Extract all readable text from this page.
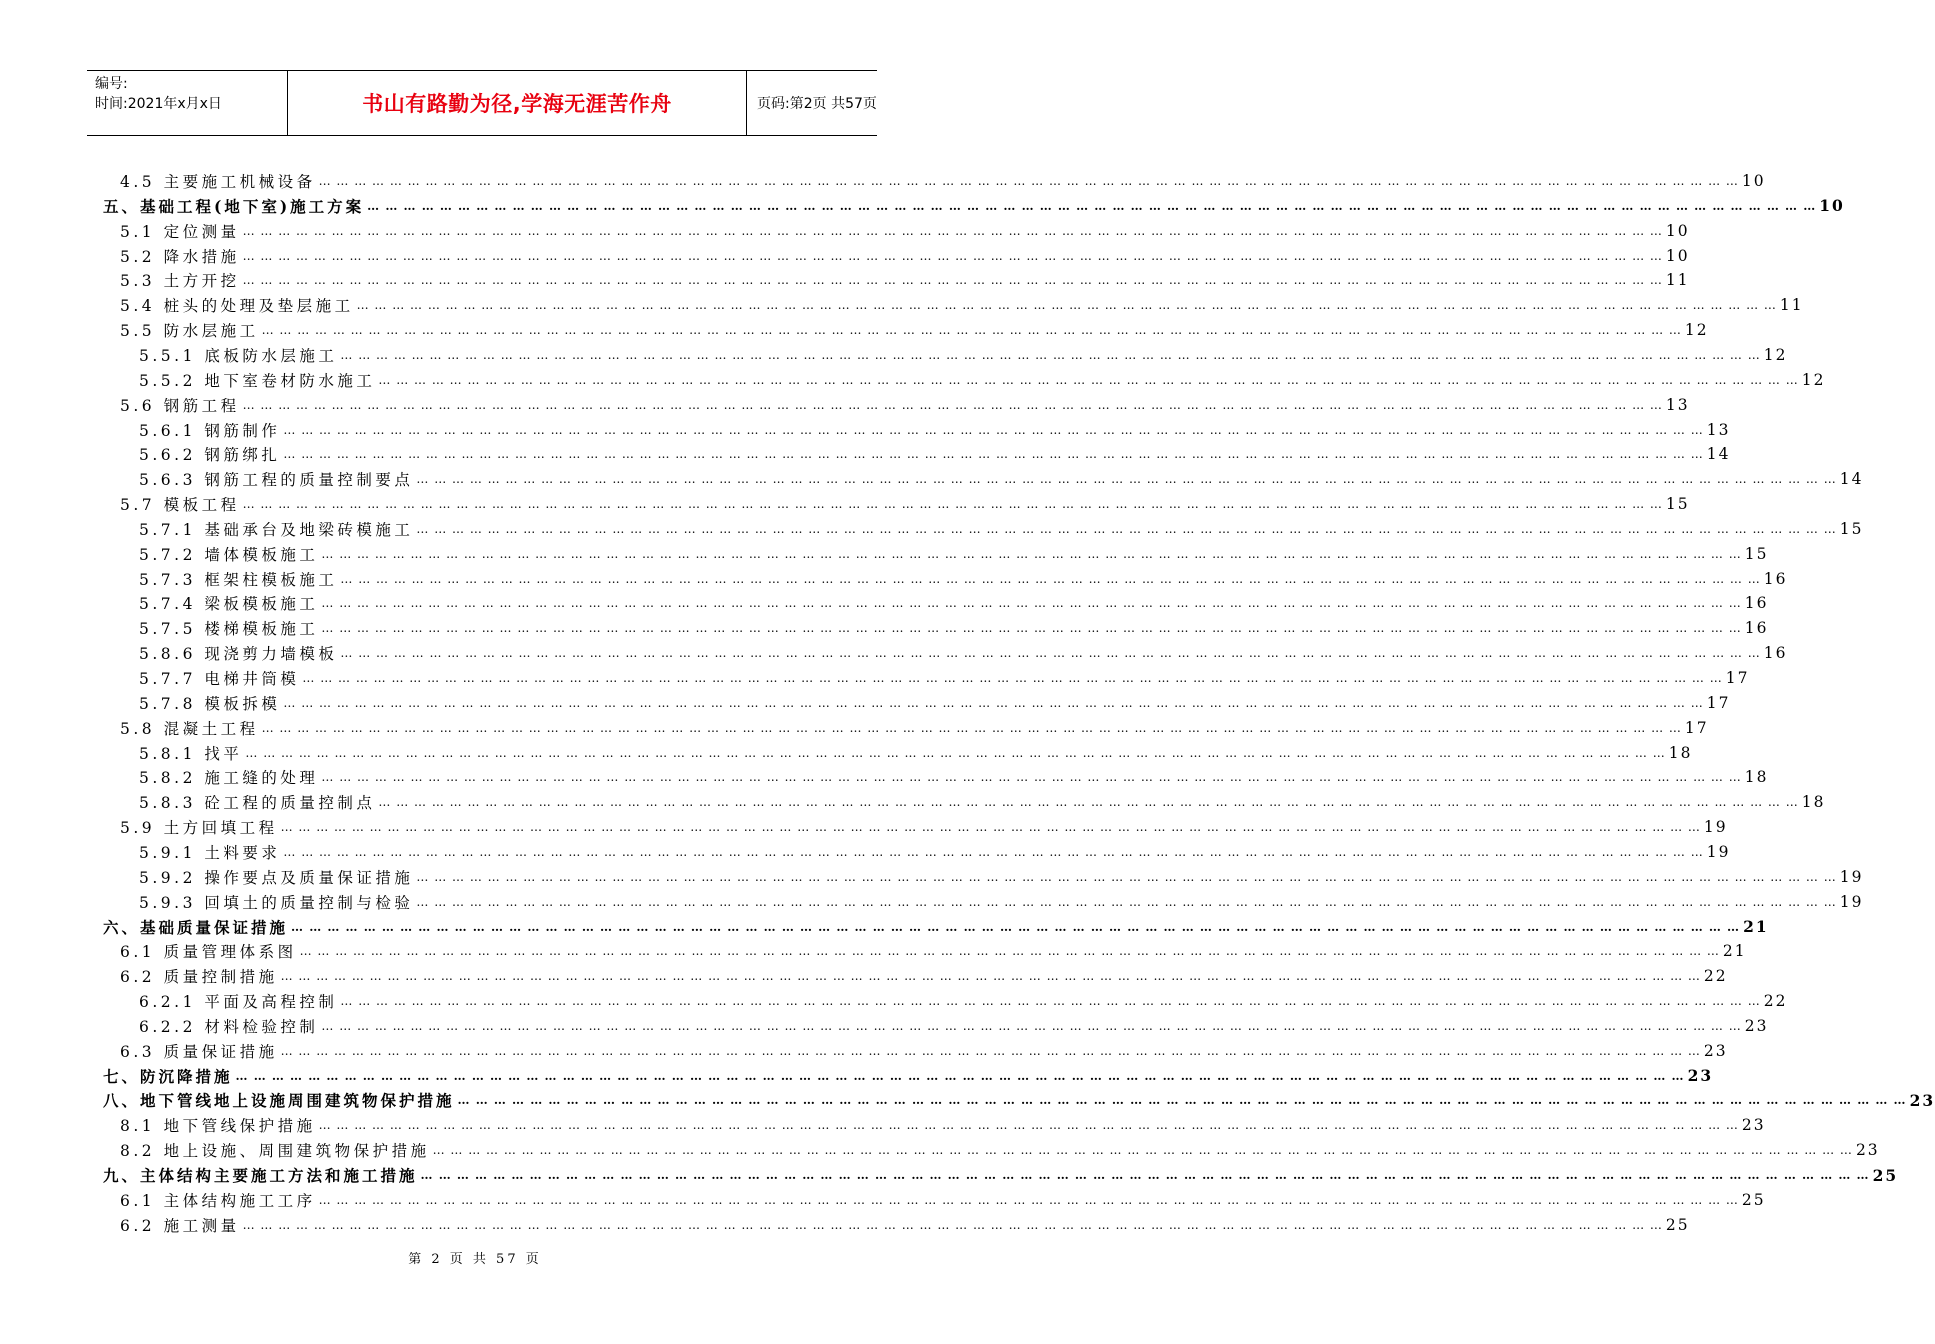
编号:
时间:2021年x月x日	书山有路勤为径,学海无涯苦作舟	页码:第2页 共57页
4.5 主要施工机械设备 … … … … … … … … … … … … … … … … … … … … … … … … … … … … … … … … … … … … … … … … … … … … … … … … … … … … … … … … … … … … … … … … … … … … … … … … … … … … … … … … 10
五、基础工程(地下室)施工方案 … … … … … … … … … … … … … … … … … … … … … … … … … … … … … … … … … … … … … … … … … … … … … … … … … … … … … … … … … … … … … … … … … … … … … … … … … … … … … … … … 10
5.1 定位测量 … … … … … … … … … … … … … … … … … … … … … … … … … … … … … … … … … … … … … … … … … … … … … … … … … … … … … … … … … … … … … … … … … … … … … … … … … … … … … … … … 10
5.2 降水措施 … … … … … … … … … … … … … … … … … … … … … … … … … … … … … … … … … … … … … … … … … … … … … … … … … … … … … … … … … … … … … … … … … … … … … … … … … … … … … … … … 10
5.3 土方开挖 … … … … … … … … … … … … … … … … … … … … … … … … … … … … … … … … … … … … … … … … … … … … … … … … … … … … … … … … … … … … … … … … … … … … … … … … … … … … … … … … 11
5.4 桩头的处理及垫层施工 … … … … … … … … … … … … … … … … … … … … … … … … … … … … … … … … … … … … … … … … … … … … … … … … … … … … … … … … … … … … … … … … … … … … … … … … … … … … … … … … 11
5.5 防水层施工 … … … … … … … … … … … … … … … … … … … … … … … … … … … … … … … … … … … … … … … … … … … … … … … … … … … … … … … … … … … … … … … … … … … … … … … … … … … … … … … … 12
5.5.1 底板防水层施工 … … … … … … … … … … … … … … … … … … … … … … … … … … … … … … … … … … … … … … … … … … … … … … … … … … … … … … … … … … … … … … … … … … … … … … … … … … … … … … … … 12
5.5.2 地下室卷材防水施工 … … … … … … … … … … … … … … … … … … … … … … … … … … … … … … … … … … … … … … … … … … … … … … … … … … … … … … … … … … … … … … … … … … … … … … … … … … … … … … … … 12
5.6 钢筋工程 … … … … … … … … … … … … … … … … … … … … … … … … … … … … … … … … … … … … … … … … … … … … … … … … … … … … … … … … … … … … … … … … … … … … … … … … … … … … … … … … 13
5.6.1 钢筋制作 … … … … … … … … … … … … … … … … … … … … … … … … … … … … … … … … … … … … … … … … … … … … … … … … … … … … … … … … … … … … … … … … … … … … … … … … … … … … … … … … 13
5.6.2 钢筋绑扎 … … … … … … … … … … … … … … … … … … … … … … … … … … … … … … … … … … … … … … … … … … … … … … … … … … … … … … … … … … … … … … … … … … … … … … … … … … … … … … … … 14
5.6.3 钢筋工程的质量控制要点 … … … … … … … … … … … … … … … … … … … … … … … … … … … … … … … … … … … … … … … … … … … … … … … … … … … … … … … … … … … … … … … … … … … … … … … … … … … … … … … … 14
5.7 模板工程 … … … … … … … … … … … … … … … … … … … … … … … … … … … … … … … … … … … … … … … … … … … … … … … … … … … … … … … … … … … … … … … … … … … … … … … … … … … … … … … … 15
5.7.1 基础承台及地梁砖模施工 … … … … … … … … … … … … … … … … … … … … … … … … … … … … … … … … … … … … … … … … … … … … … … … … … … … … … … … … … … … … … … … … … … … … … … … … … … … … … … … … 15
5.7.2 墙体模板施工 … … … … … … … … … … … … … … … … … … … … … … … … … … … … … … … … … … … … … … … … … … … … … … … … … … … … … … … … … … … … … … … … … … … … … … … … … … … … … … … … 15
5.7.3 框架柱模板施工 … … … … … … … … … … … … … … … … … … … … … … … … … … … … … … … … … … … … … … … … … … … … … … … … … … … … … … … … … … … … … … … … … … … … … … … … … … … … … … … … 16
5.7.4 梁板模板施工 … … … … … … … … … … … … … … … … … … … … … … … … … … … … … … … … … … … … … … … … … … … … … … … … … … … … … … … … … … … … … … … … … … … … … … … … … … … … … … … … 16
5.7.5 楼梯模板施工 … … … … … … … … … … … … … … … … … … … … … … … … … … … … … … … … … … … … … … … … … … … … … … … … … … … … … … … … … … … … … … … … … … … … … … … … … … … … … … … … 16
5.8.6 现浇剪力墙模板 … … … … … … … … … … … … … … … … … … … … … … … … … … … … … … … … … … … … … … … … … … … … … … … … … … … … … … … … … … … … … … … … … … … … … … … … … … … … … … … … 16
5.7.7 电梯井筒模 … … … … … … … … … … … … … … … … … … … … … … … … … … … … … … … … … … … … … … … … … … … … … … … … … … … … … … … … … … … … … … … … … … … … … … … … … … … … … … … … 17
5.7.8 模板拆模 … … … … … … … … … … … … … … … … … … … … … … … … … … … … … … … … … … … … … … … … … … … … … … … … … … … … … … … … … … … … … … … … … … … … … … … … … … … … … … … … 17
5.8 混凝土工程 … … … … … … … … … … … … … … … … … … … … … … … … … … … … … … … … … … … … … … … … … … … … … … … … … … … … … … … … … … … … … … … … … … … … … … … … … … … … … … … … 17
5.8.1 找平 … … … … … … … … … … … … … … … … … … … … … … … … … … … … … … … … … … … … … … … … … … … … … … … … … … … … … … … … … … … … … … … … … … … … … … … … … … … … … … … … 18
5.8.2 施工缝的处理 … … … … … … … … … … … … … … … … … … … … … … … … … … … … … … … … … … … … … … … … … … … … … … … … … … … … … … … … … … … … … … … … … … … … … … … … … … … … … … … … 18
5.8.3 砼工程的质量控制点 … … … … … … … … … … … … … … … … … … … … … … … … … … … … … … … … … … … … … … … … … … … … … … … … … … … … … … … … … … … … … … … … … … … … … … … … … … … … … … … … 18
5.9 土方回填工程 … … … … … … … … … … … … … … … … … … … … … … … … … … … … … … … … … … … … … … … … … … … … … … … … … … … … … … … … … … … … … … … … … … … … … … … … … … … … … … … … 19
5.9.1 土料要求 … … … … … … … … … … … … … … … … … … … … … … … … … … … … … … … … … … … … … … … … … … … … … … … … … … … … … … … … … … … … … … … … … … … … … … … … … … … … … … … … 19
5.9.2 操作要点及质量保证措施 … … … … … … … … … … … … … … … … … … … … … … … … … … … … … … … … … … … … … … … … … … … … … … … … … … … … … … … … … … … … … … … … … … … … … … … … … … … … … … … … 19
5.9.3 回填土的质量控制与检验 … … … … … … … … … … … … … … … … … … … … … … … … … … … … … … … … … … … … … … … … … … … … … … … … … … … … … … … … … … … … … … … … … … … … … … … … … … … … … … … … 19
六、基础质量保证措施 … … … … … … … … … … … … … … … … … … … … … … … … … … … … … … … … … … … … … … … … … … … … … … … … … … … … … … … … … … … … … … … … … … … … … … … … … … … … … … … … 21
6.1 质量管理体系图 … … … … … … … … … … … … … … … … … … … … … … … … … … … … … … … … … … … … … … … … … … … … … … … … … … … … … … … … … … … … … … … … … … … … … … … … … … … … … … … … 21
6.2 质量控制措施 … … … … … … … … … … … … … … … … … … … … … … … … … … … … … … … … … … … … … … … … … … … … … … … … … … … … … … … … … … … … … … … … … … … … … … … … … … … … … … … … 22
6.2.1 平面及高程控制 … … … … … … … … … … … … … … … … … … … … … … … … … … … … … … … … … … … … … … … … … … … … … … … … … … … … … … … … … … … … … … … … … … … … … … … … … … … … … … … … 22
6.2.2 材料检验控制 … … … … … … … … … … … … … … … … … … … … … … … … … … … … … … … … … … … … … … … … … … … … … … … … … … … … … … … … … … … … … … … … … … … … … … … … … … … … … … … … 23
6.3 质量保证措施 … … … … … … … … … … … … … … … … … … … … … … … … … … … … … … … … … … … … … … … … … … … … … … … … … … … … … … … … … … … … … … … … … … … … … … … … … … … … … … … … 23
七、防沉降措施 … … … … … … … … … … … … … … … … … … … … … … … … … … … … … … … … … … … … … … … … … … … … … … … … … … … … … … … … … … … … … … … … … … … … … … … … … … … … … … … … 23
八、地下管线地上设施周围建筑物保护措施 … … … … … … … … … … … … … … … … … … … … … … … … … … … … … … … … … … … … … … … … … … … … … … … … … … … … … … … … … … … … … … … … … … … … … … … … … … … … … … … … 23
8.1 地下管线保护措施 … … … … … … … … … … … … … … … … … … … … … … … … … … … … … … … … … … … … … … … … … … … … … … … … … … … … … … … … … … … … … … … … … … … … … … … … … … … … … … … … 23
8.2 地上设施、周围建筑物保护措施 … … … … … … … … … … … … … … … … … … … … … … … … … … … … … … … … … … … … … … … … … … … … … … … … … … … … … … … … … … … … … … … … … … … … … … … … … … … … … … … … 23
九、主体结构主要施工方法和施工措施 … … … … … … … … … … … … … … … … … … … … … … … … … … … … … … … … … … … … … … … … … … … … … … … … … … … … … … … … … … … … … … … … … … … … … … … … … … … … … … … … 25
6.1 主体结构施工工序 … … … … … … … … … … … … … … … … … … … … … … … … … … … … … … … … … … … … … … … … … … … … … … … … … … … … … … … … … … … … … … … … … … … … … … … … … … … … … … … … 25
6.2 施工测量 … … … … … … … … … … … … … … … … … … … … … … … … … … … … … … … … … … … … … … … … … … … … … … … … … … … … … … … … … … … … … … … … … … … … … … … … … … … … … … … … 25
第 2 页 共 57 页
